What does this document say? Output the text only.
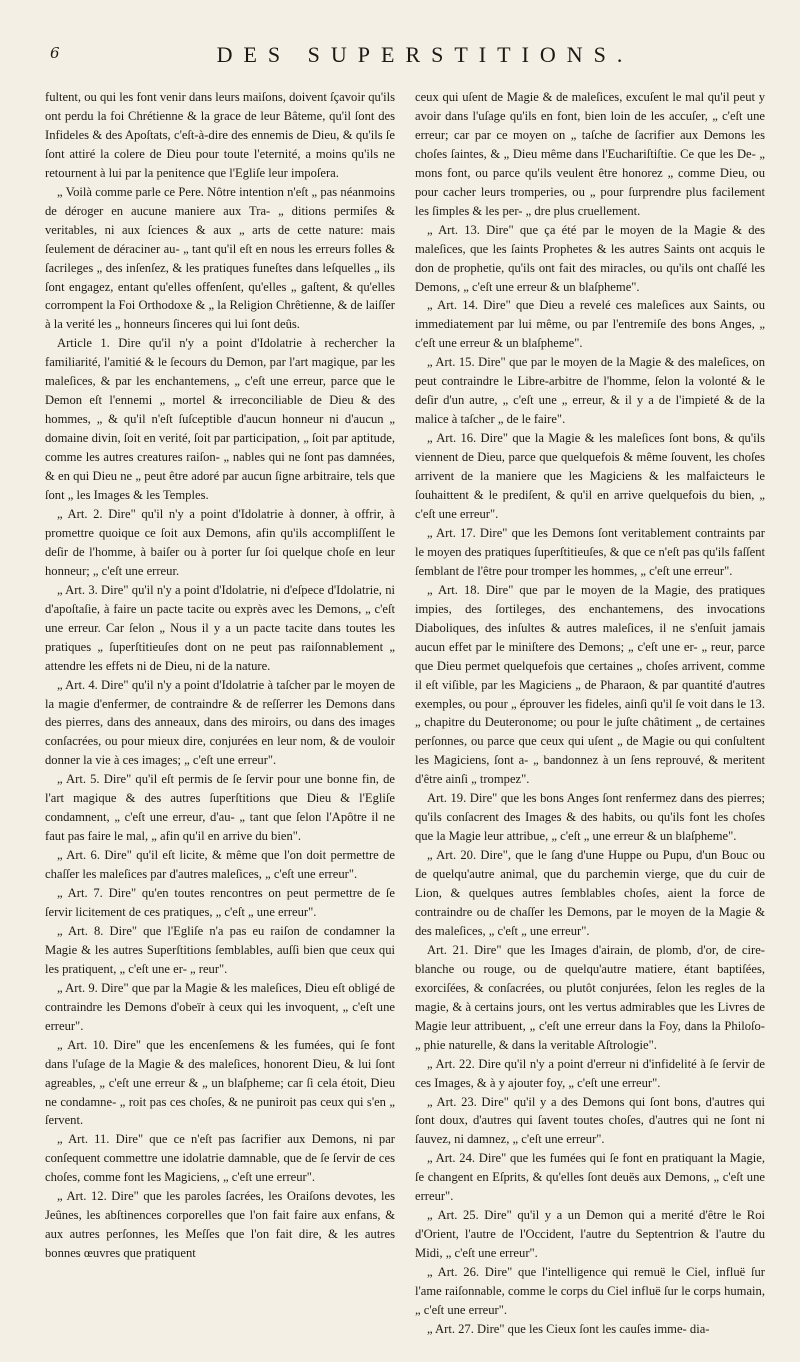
6	DES SUPERSTITIONS.

fultent, ou qui les font venir dans leurs maiſons, doivent ſçavoir qu'ils ont perdu la foi Chrétienne & la grace de leur Bâteme, qu'il ſont des Infideles & des Apoſtats, c'eſt-à-dire des ennemis de Dieu, & qu'ils ſe ſont attiré la colere de Dieu pour toute l'eternité, a moins qu'ils ne retournent à lui par la penitence que l'Egliſe leur impoſera.

„ Voilà comme parle ce Pere. Nôtre intention n'eſt „ pas néanmoins de déroger en aucune maniere aux Tra- „ ditions permiſes & veritables, ni aux ſciences & aux „ arts de cette nature: mais ſeulement de déraciner au- „ tant qu'il eſt en nous les erreurs folles & ſacrileges „ des inſenſez, & les pratiques funeſtes dans leſquelles „ ils ſont engagez, entant qu'elles offenſent, qu'elles „ gaſtent, & qu'elles corrompent la Foi Orthodoxe & „ la Religion Chrêtienne, & de laiſſer à la verité les „ honneurs ſinceres qui lui ſont deûs.

Article 1. Dire qu'il n'y a point d'Idolatrie à rechercher la familiarité, l'amitié & le ſecours du Demon, par l'art magique, par les maleſices, & par les enchantemens, „ c'eſt une erreur, parce que le Demon eſt l'ennemi „ mortel & irreconciliable de Dieu & des hommes, „ & qu'il n'eſt ſuſceptible d'aucun honneur ni d'aucun „ domaine divin, ſoit en verité, ſoit par participation, „ ſoit par aptitude, comme les autres creatures raiſon- „ nables qui ne ſont pas damnées, & en qui Dieu ne „ peut être adoré par aucun ſigne arbitraire, tels que ſont „ les Images & les Temples.

„ Art. 2. Dire" qu'il n'y a point d'Idolatrie à donner, à offrir, à promettre quoique ce ſoit aux Demons, afin qu'ils accompliſſent le deſir de l'homme, à baiſer ou à porter ſur ſoi quelque choſe en leur honneur; „ c'eſt une erreur.

„ Art. 3. Dire" qu'il n'y a point d'Idolatrie, ni d'eſpece d'Idolatrie, ni d'apoſtaſie, à faire un pacte tacite ou exprès avec les Demons, „ c'eſt une erreur. Car ſelon „ Nous il y a un pacte tacite dans toutes les pratiques „ ſuperſtitieuſes dont on ne peut pas raiſonnablement „ attendre les effets ni de Dieu, ni de la nature.

„ Art. 4. Dire" qu'il n'y a point d'Idolatrie à taſcher par le moyen de la magie d'enfermer, de contraindre & de reſſerrer les Demons dans des pierres, dans des anneaux, dans des miroirs, ou dans des images conſacrées, ou pour mieux dire, conjurées en leur nom, & de vouloir donner la vie à ces images; „ c'eſt une erreur".

„ Art. 5. Dire" qu'il eſt permis de ſe ſervir pour une bonne fin, de l'art magique & des autres ſuperſtitions que Dieu & l'Egliſe condamnent, „ c'eſt une erreur, d'au- „ tant que ſelon l'Apôtre il ne faut pas faire le mal, „ afin qu'il en arrive du bien".

„ Art. 6. Dire" qu'il eſt licite, & même que l'on doit permettre de chaſſer les maleſices par d'autres maleſices, „ c'eſt une erreur".

„ Art. 7. Dire" qu'en toutes rencontres on peut permettre de ſe ſervir licitement de ces pratiques, „ c'eſt „ une erreur".

„ Art. 8. Dire" que l'Egliſe n'a pas eu raiſon de condamner la Magie & les autres Superſtitions ſemblables, auſſi bien que ceux qui les pratiquent, „ c'eſt une er- „ reur".

„ Art. 9. Dire" que par la Magie & les maleſices, Dieu eſt obligé de contraindre les Demons d'obeïr à ceux qui les invoquent, „ c'eſt une erreur".

„ Art. 10. Dire" que les encenſemens & les fumées, qui ſe font dans l'uſage de la Magie & des maleſices, honorent Dieu, & lui ſont agreables, „ c'eſt une erreur & „ un blaſpheme; car ſi cela étoit, Dieu ne condamne- „ roit pas ces choſes, & ne puniroit pas ceux qui s'en „ ſervent.

„ Art. 11. Dire" que ce n'eſt pas ſacrifier aux Demons, ni par conſequent commettre une idolatrie damnable, que de ſe ſervir de ces choſes, comme font les Magiciens, „ c'eſt une erreur".

„ Art. 12. Dire" que les paroles ſacrées, les Oraiſons devotes, les Jeûnes, les abſtinences corporelles que l'on fait faire aux enfans, & aux autres perſonnes, les Meſſes que l'on fait dire, & les autres bonnes œuvres que pratiquent

ceux qui uſent de Magie & de maleſices, excuſent le mal qu'il peut y avoir dans l'uſage qu'ils en font, bien loin de les accuſer, „ c'eſt une erreur; car par ce moyen on „ taſche de ſacrifier aux Demons les choſes ſaintes, & „ Dieu même dans l'Euchariſtiſtie. Ce que les De- „ mons font, ou parce qu'ils veulent être honorez „ comme Dieu, ou pour cacher leurs tromperies, ou „ pour ſurprendre plus facilement les ſimples & les per- „ dre plus cruellement.

„ Art. 13. Dire" que ça été par le moyen de la Magie & des maleſices, que les ſaints Prophetes & les autres Saints ont acquis le don de prophetie, qu'ils ont fait des miracles, ou qu'ils ont chaſſé les Demons, „ c'eſt une erreur & un blaſpheme".

„ Art. 14. Dire" que Dieu a revelé ces maleſices aux Saints, ou immediatement par lui même, ou par l'entremiſe des bons Anges, „ c'eſt une erreur & un blaſpheme".

„ Art. 15. Dire" que par le moyen de la Magie & des maleſices, on peut contraindre le Libre-arbitre de l'homme, ſelon la volonté & le deſir d'un autre, „ c'eſt une „ erreur, & il y a de l'impieté & de la malice à taſcher „ de le faire".

„ Art. 16. Dire" que la Magie & les maleſices ſont bons, & qu'ils viennent de Dieu, parce que quelquefois & même ſouvent, les choſes arrivent de la maniere que les Magiciens & les malfaicteurs le ſouhaittent & le prediſent, & qu'il en arrive quelquefois du bien, „ c'eſt une erreur".

„ Art. 17. Dire" que les Demons ſont veritablement contraints par le moyen des pratiques ſuperſtitieuſes, & que ce n'eſt pas qu'ils faſſent ſemblant de l'être pour tromper les hommes, „ c'eſt une erreur".

„ Art. 18. Dire" que par le moyen de la Magie, des pratiques impies, des ſortileges, des enchantemens, des invocations Diaboliques, des inſultes & autres maleſices, il ne s'enſuit jamais aucun effet par le miniſtere des Demons; „ c'eſt une er- „ reur, parce que Dieu permet quelquefois que certaines „ choſes arrivent, comme il eſt viſible, par les Magiciens „ de Pharaon, & par quantité d'autres exemples, ou pour „ éprouver les fideles, ainſi qu'il ſe voit dans le 13. „ chapitre du Deuteronome; ou pour le juſte châtiment „ de certaines perſonnes, ou parce que ceux qui uſent „ de Magie ou qui conſultent les Magiciens, ſont a- „ bandonnez à un ſens reprouvé, & meritent d'être ainſi „ trompez".

Art. 19. Dire" que les bons Anges ſont renfermez dans des pierres; qu'ils conſacrent des Images & des habits, ou qu'ils font les choſes que la Magie leur attribue, „ c'eſt „ une erreur & un blaſpheme".

„ Art. 20. Dire", que le ſang d'une Huppe ou Pupu, d'un Bouc ou de quelqu'autre animal, que du parchemin vierge, que du cuir de Lion, & quelques autres ſemblables choſes, aient la force de contraindre ou de chaſſer les Demons, par le moyen de la Magie & des maleſices, „ c'eſt „ une erreur".

Art. 21. Dire" que les Images d'airain, de plomb, d'or, de cire-blanche ou rouge, ou de quelqu'autre matiere, étant baptiſées, exorciſées, & conſacrées, ou plutôt conjurées, ſelon les regles de la magie, & à certains jours, ont les vertus admirables que les Livres de Magie leur attribuent, „ c'eſt une erreur dans la Foy, dans la Philoſo- „ phie naturelle, & dans la veritable Aſtrologie".

„ Art. 22. Dire qu'il n'y a point d'erreur ni d'infidelité à ſe ſervir de ces Images, & à y ajouter foy, „ c'eſt une erreur".

„ Art. 23. Dire" qu'il y a des Demons qui ſont bons, d'autres qui ſont doux, d'autres qui ſavent toutes choſes, d'autres qui ne ſont ni ſauvez, ni damnez, „ c'eſt une erreur".

„ Art. 24. Dire" que les fumées qui ſe font en pratiquant la Magie, ſe changent en Eſprits, & qu'elles ſont deuës aux Demons, „ c'eſt une erreur".

„ Art. 25. Dire" qu'il y a un Demon qui a merité d'être le Roi d'Orient, l'autre de l'Occident, l'autre du Septentrion & l'autre du Midi, „ c'eſt une erreur".

„ Art. 26. Dire" que l'intelligence qui remuë le Ciel, influë ſur l'ame raiſonnable, comme le corps du Ciel influë ſur le corps humain, „ c'eſt une erreur".

„ Art. 27. Dire" que les Cieux ſont les cauſes imme- dia-
